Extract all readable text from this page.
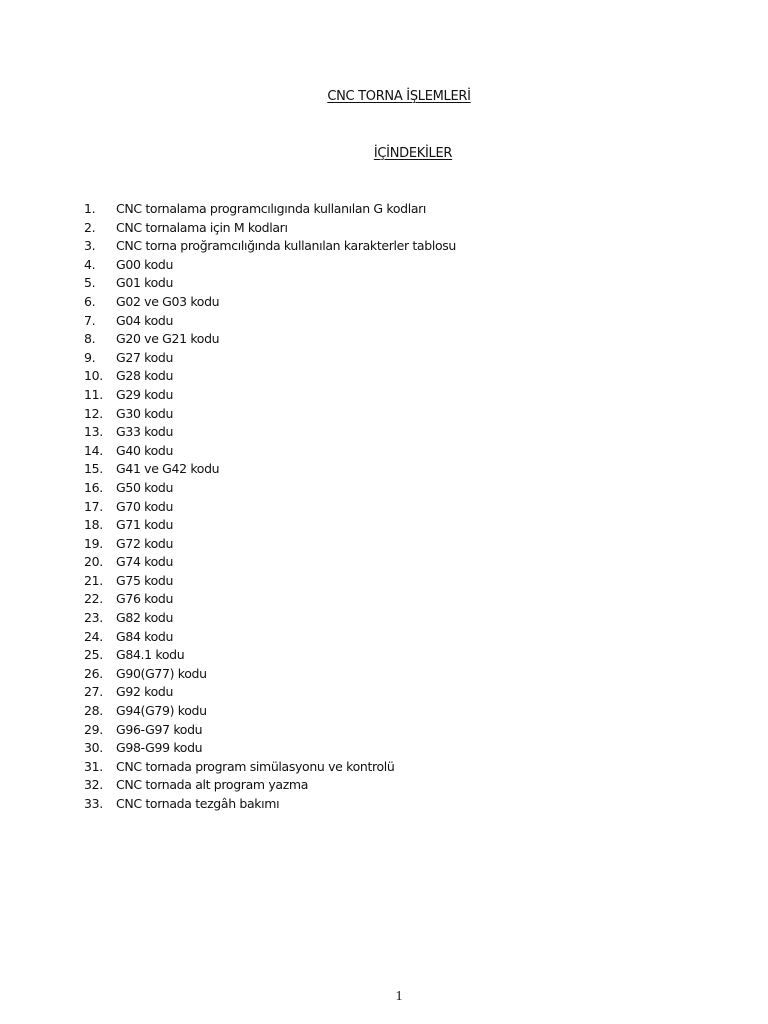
CNC TORNA İŞLEMLERİ
İÇİNDEKİLER
1.	CNC tornalama programcılıgında kullanılan G kodları
2.	CNC tornalama için M kodları
3.	CNC torna proğramcılığında kullanılan karakterler tablosu
4.	G00 kodu
5.	G01 kodu
6.	G02 ve G03 kodu
7.	G04 kodu
8.	G20 ve G21 kodu
9.	G27 kodu
10.	G28 kodu
11.	G29 kodu
12.	G30 kodu
13.	G33 kodu
14.	G40 kodu
15.	G41 ve G42 kodu
16.	G50 kodu
17.	G70 kodu
18.	G71 kodu
19.	G72 kodu
20.	G74 kodu
21.	G75 kodu
22.	G76 kodu
23.	G82 kodu
24.	G84 kodu
25.	G84.1 kodu
26.	G90(G77) kodu
27.	G92 kodu
28.	G94(G79) kodu
29.	G96-G97 kodu
30.	G98-G99 kodu
31.	CNC tornada program simülasyonu ve kontrolü
32.	CNC tornada alt program yazma
33.	CNC tornada tezgâh bakımı
1
